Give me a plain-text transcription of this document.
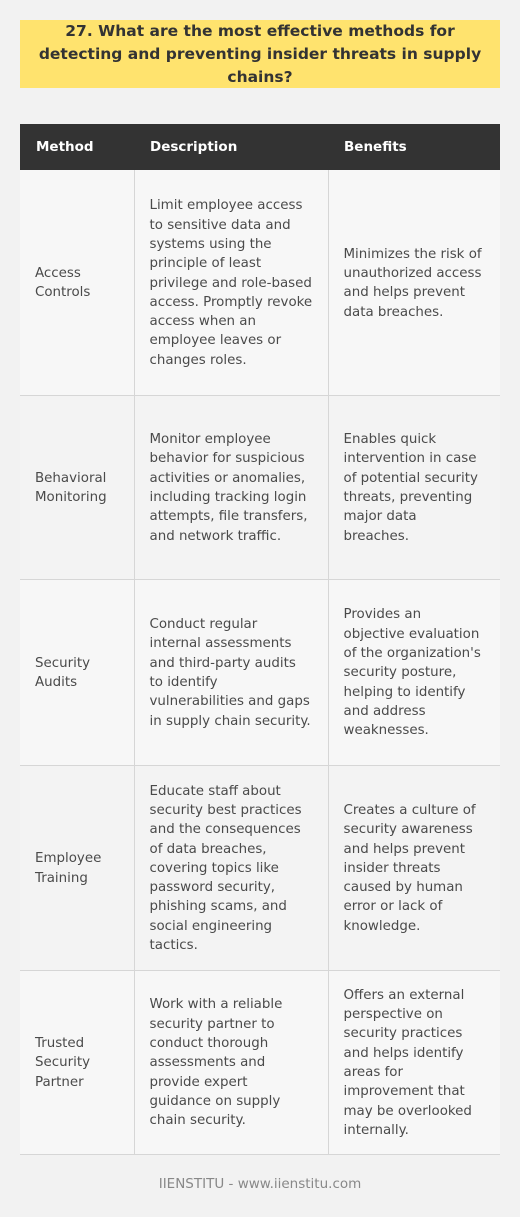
27. What are the most effective methods for detecting and preventing insider threats in supply chains?
Method	Description	Benefits
Access Controls	Limit employee access to sensitive data and systems using the principle of least privilege and role-based access. Promptly revoke access when an employee leaves or changes roles.	Minimizes the risk of unauthorized access and helps prevent data breaches.
Behavioral Monitoring	Monitor employee behavior for suspicious activities or anomalies, including tracking login attempts, file transfers, and network traffic.	Enables quick intervention in case of potential security threats, preventing major data breaches.
Security Audits	Conduct regular internal assessments and third-party audits to identify vulnerabilities and gaps in supply chain security.	Provides an objective evaluation of the organization's security posture, helping to identify and address weaknesses.
Employee Training	Educate staff about security best practices and the consequences of data breaches, covering topics like password security, phishing scams, and social engineering tactics.	Creates a culture of security awareness and helps prevent insider threats caused by human error or lack of knowledge.
Trusted Security Partner	Work with a reliable security partner to conduct thorough assessments and provide expert guidance on supply chain security.	Offers an external perspective on security practices and helps identify areas for improvement that may be overlooked internally.
IIENSTITU - www.iienstitu.com
